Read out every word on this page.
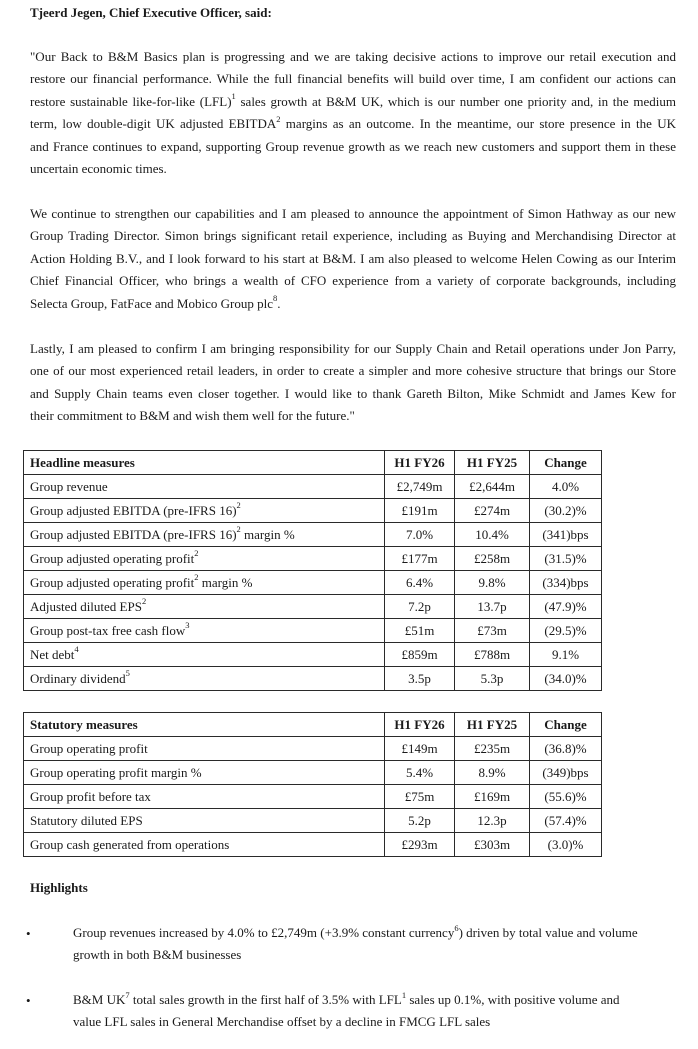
Tjeerd Jegen, Chief Executive Officer, said:
"Our Back to B&M Basics plan is progressing and we are taking decisive actions to improve our retail execution and
restore our financial performance. While the full financial benefits will build over time, I am confident our actions can
restore sustainable like-for-like (LFL)$^1$ sales growth at B&M UK, which is our number one priority and, in the medium
term, low double-digit UK adjusted EBITDA$^2$ margins as an outcome. In the meantime, our store presence in the UK
and France continues to expand, supporting Group revenue growth as we reach new customers and support them in these
uncertain economic times.
We continue to strengthen our capabilities and I am pleased to announce the appointment of Simon Hathway as our new
Group Trading Director. Simon brings significant retail experience, including as Buying and Merchandising Director at
Action Holding B.V., and I look forward to his start at B&M. I am also pleased to welcome Helen Cowing as our Interim
Chief Financial Officer, who brings a wealth of CFO experience from a variety of corporate backgrounds, including
Selecta Group, FatFace and Mobico Group plc$^8$.
Lastly, I am pleased to confirm I am bringing responsibility for our Supply Chain and Retail operations under Jon Parry,
one of our most experienced retail leaders, in order to create a simpler and more cohesive structure that brings our Store
and Supply Chain teams even closer together. I would like to thank Gareth Bilton, Mike Schmidt and James Kew for
their commitment to B&M and wish them well for the future."
Headline measures	H1 FY26	H1 FY25	Change
Group revenue	£2,749m	£2,644m	4.0%
Group adjusted EBITDA (pre-IFRS 16)$^2$	£191m	£274m	(30.2)%
Group adjusted EBITDA (pre-IFRS 16)$^2$ margin %	7.0%	10.4%	(341)bps
Group adjusted operating profit$^2$	£177m	£258m	(31.5)%
Group adjusted operating profit$^2$ margin %	6.4%	9.8%	(334)bps
Adjusted diluted EPS$^2$	7.2p	13.7p	(47.9)%
Group post-tax free cash flow$^3$	£51m	£73m	(29.5)%
Net debt$^4$	£859m	£788m	9.1%
Ordinary dividend$^5$	3.5p	5.3p	(34.0)%
Statutory measures	H1 FY26	H1 FY25	Change
Group operating profit	£149m	£235m	(36.8)%
Group operating profit margin %	5.4%	8.9%	(349)bps
Group profit before tax	£75m	£169m	(55.6)%
Statutory diluted EPS	5.2p	12.3p	(57.4)%
Group cash generated from operations	£293m	£303m	(3.0)%
Highlights
•	Group revenues increased by 4.0% to £2,749m (+3.9% constant currency$^6$) driven by total value and volume
growth in both B&M businesses
•	B&M $UK^7$ total sales growth in the first half of 3.5% with LFL$^1$ sales up 0.1%, with positive volume and
value LFL sales in General Merchandise offset by a decline in FMCG LFL sales
